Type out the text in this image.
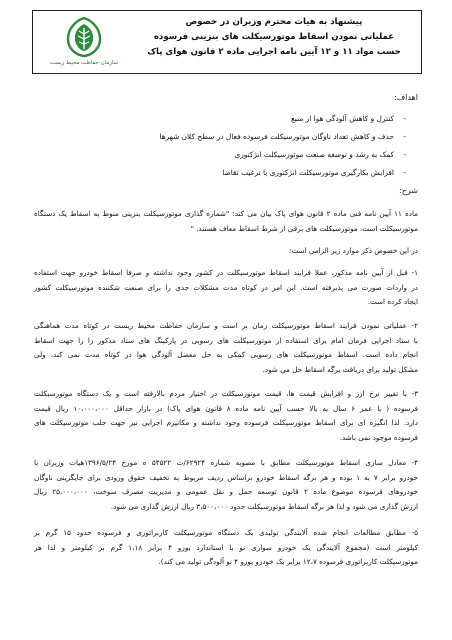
پیشنهاد به هیات محترم وزیران در خصوص
عملیاتی نمودن اسقاط موتورسیکلت های بنزینی فرسوده
حسب مواد ۱۱ و ۱۲ آیین نامه اجرایی ماده ۲ قانون هوای پاک
سازمان حفاظت محیط زیست
اهداف:
-
کنترل و کاهش آلودگی هوا از منبع
-
حذف و کاهش تعداد ناوگان موتورسیکلت فرسوده فعال در سطح کلان شهرها
-
کمک به رشد و توسعه صنعت موتورسیکلت انژکتوری
-
افزایش بکارگیری موتورسیکلت انژکتوری با ترغیب تقاضا
شرح:

ماده ۱۱ آیین نامه فنی ماده ۲ قانون هوای پاک بیان می کند: "شماره گذاری موتورسیکلت بنزینی منوط به اسقاط یک دستگاه
موتورسیکلت است. موتورسیکلت های برقی از شرط اسقاط معاف هستند. "

در این خصوص ذکر موارد زیر الزامی است:

۱- قبل از آیین نامه مذکور، عملا فرایند اسقاط موتورسیکلت در کشور وجود نداشته و صرفا اسقاط خودرو جهت استفاده
در واردات صورت می پذیرفته است. این امر در کوتاه مدت مشکلات جدی را برای صنعت شکننده موتورسیکلت کشور
ایجاد کرده است.

۲- عملیاتی نمودن فرایند اسقاط موتورسیکلت زمان بر است و سازمان حفاظت محیط زیست در کوتاه مدت هماهنگی
با ستاد اجرایی فرمان امام برای استفاده از موتورسیکلت های رسوبی در پارکینگ های ستاد مذکور را را جهت اسقاط
انجام داده است. اسقاط موتورسیکلت های رسوبی کمکی به حل معضل آلودگی هوا در کوتاه مدت نمی کند، ولی
مشکل تولید برای دریافت برگه اسقاط حل می شود.

۳- با تغییر نرخ ارز و افزایش قیمت ها، قیمت موتورسیکلت در اختیار مردم بالارفته است و یک دستگاه موتورسیکلت
فرسوده ( با عمر ۶ سال به بالا حسب آیین نامه ماده ۸ قانون هوای پاک) در بازار حداقل ۱۰،۰۰۰،۰۰۰ ریال قیمت
دارد. لذا انگیزه ای برای اسقاط موتورسیکلت فرسوده وجود نداشته و مکانیزم اجرایی نیز جهت جلب موتورسیکلت های
فرسوده موجود نمی باشد.

۴- معادل سازی اسقاط موتورسیکلت مطابق با مصوبه شماره ۶۲۹۲۴/ت ۵۴۵۲۲ ه مورخ ۱۳۹۶/۵/۲۴هیات وزیران با
خودرو برابر ۷ به ۱ بوده و هر برگه اسقاط خودرو براساس ردیف مربوط به تخفیف حقوق ورودی برای جایگزینی ناوگان
خودروهای فرسوده موضوع ماده ۲ قانون توسعه حمل و نقل عمومی و مدیریت مصرف سوخت، ۲۵،۰۰۰،۰۰۰ ریال
ارزش گذاری می شود و لذا هر برگه اسقاط موتورسیکلت حدود ۳،۵۰۰،۰۰۰ ریال ارزش گذاری می شود.

۵- مطابق مطالعات انجام شده آلایندگی تولیدی یک دستگاه موتورسیکلت کاربراتوری و فرسوده حدود ۱۵ گرم بر
کیلومتر است (مجموع آلایندگی یک خودرو سواری نو با استاندارد یورو ۴ برابر ۱،۱۸ گرم بر کیلومتر و لذا هر
موتورسیکلت کاربراتوری فرسوده ۱۲،۷ برابر یک خودرو یورو ۴ نو آلودگی تولید می کند).
